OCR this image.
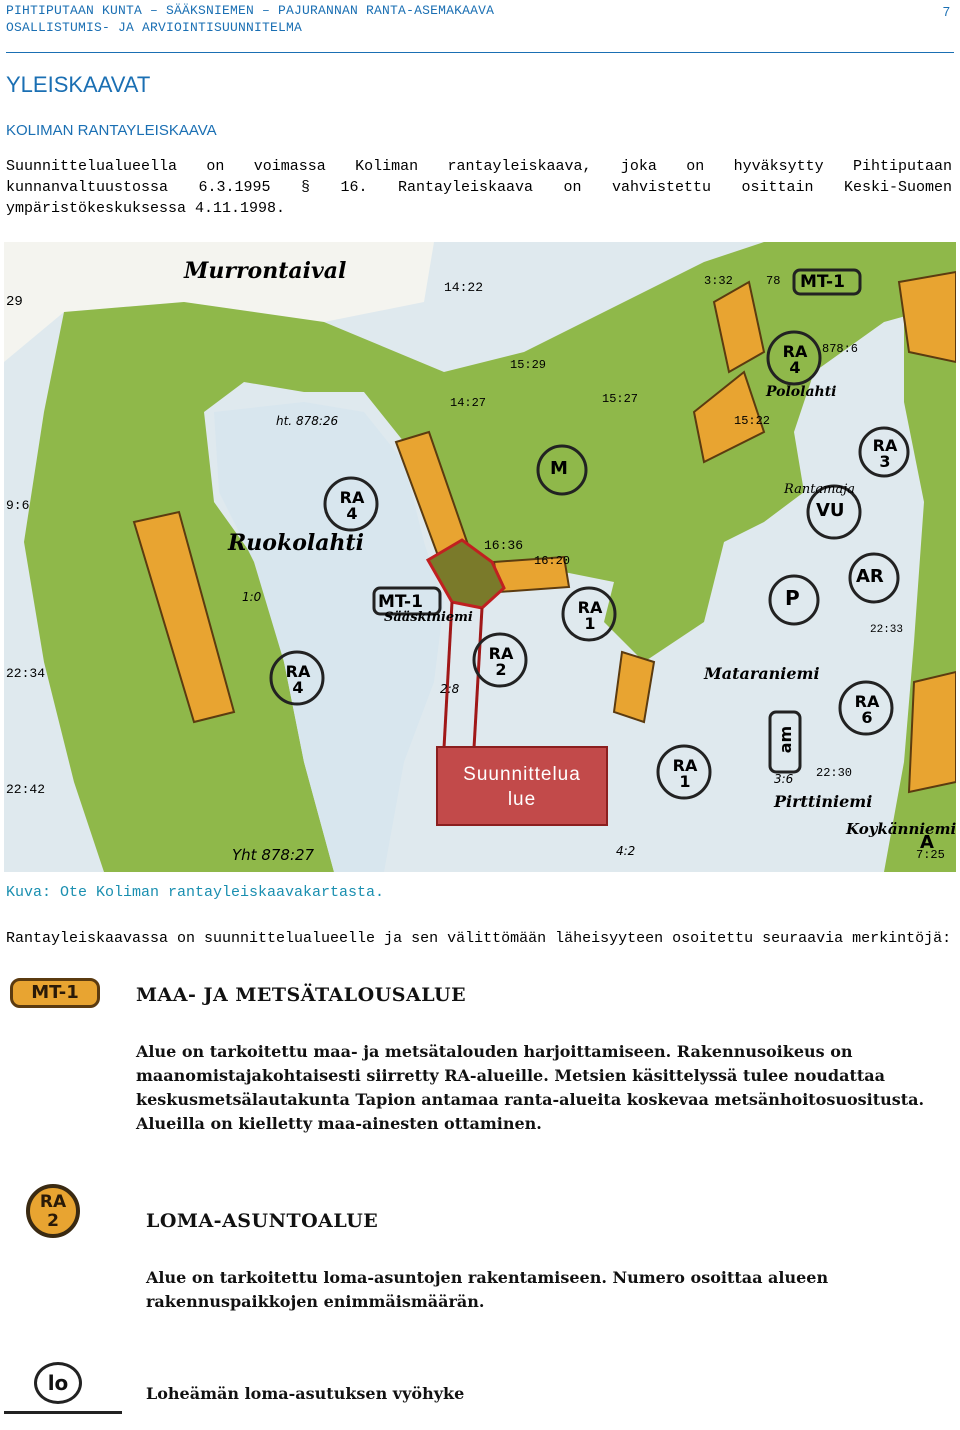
PIHTIPUTAAN KUNTA – SÄÄKSNIEMEN – PAJURANNAN RANTA-ASEMAKAAVA
OSALLISTUMIS- JA ARVIOINTISUUNNITELMA
7
YLEISKAAVAT
KOLIMAN RANTAYLEISKAAVA
Suunnittelualueella on voimassa Koliman rantayleiskaava, joka on hyväksytty Pihtiputaan kunnanvaltuustossa 6.3.1995 § 16. Rantayleiskaava on vahvistettu osittain Keski-Suomen ympäristökeskuksessa 4.11.1998.
Murrontaival
Ruokolahti
Sääskiniemi
Mataraniemi
Pirttiniemi
Koykänniemi
Rantamaja
Pololahti
MT-1
MT-1
RA 4
RA 4
RA 4
RA 2
RA 1
RA 1
RA 3
RA 6
M
P
AR
VU
am
A
14:22
15:29
14:27	15:27
16:36
16:20
15:22
22:42
22:34
22:30
22:33
7:25
3:32	78
ht. 878:26
Yht 878:27
878:6
3:6
2:8
4:2
1:0
9:6
29
Suunnittelualue
Kuva: Ote Koliman rantayleiskaavakartasta.
Rantayleiskaavassa on suunnittelualueelle ja sen välittömään läheisyyteen osoitettu seuraavia merkintöjä:
MT-1	MAA- JA METSÄTALOUSALUE
Alue on tarkoitettu maa- ja metsätalouden harjoittamiseen. Rakennusoikeus on
maanomistajakohtaisesti siirretty RA-alueille. Metsien käsittelyssä tulee noudattaa
keskusmetsälautakunta Tapion antamaa ranta-alueita koskevaa metsänhoitosuositusta.
Alueilla on kielletty maa-ainesten ottaminen.
RA 2	LOMA-ASUNTOALUE
Alue on tarkoitettu loma-asuntojen rakentamiseen. Numero osoittaa alueen
rakennuspaikkojen enimmäismäärän.
lo	Loheämän loma-asutuksen vyöhyke
